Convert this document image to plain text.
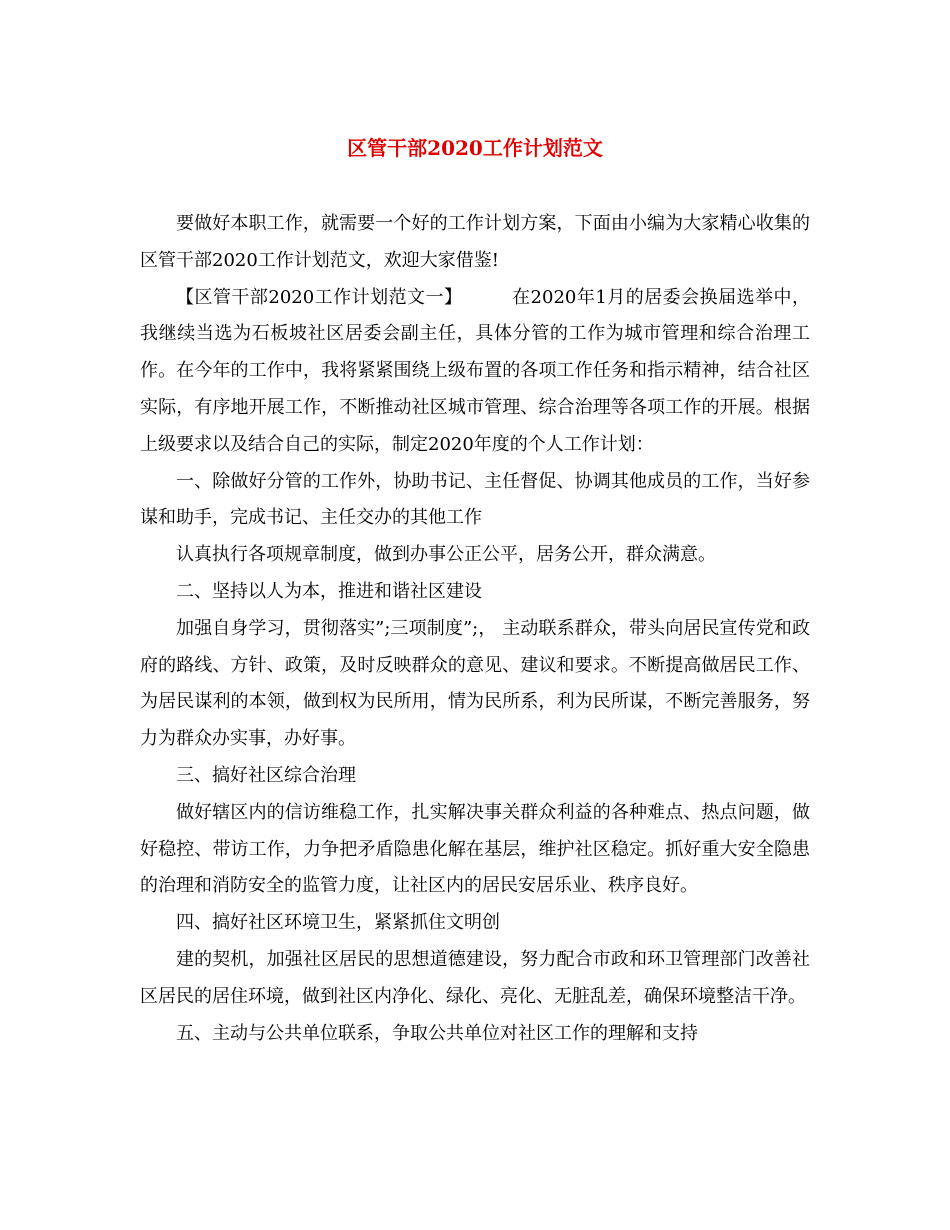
区管干部2020工作计划范文

要做好本职工作，就需要一个好的工作计划方案，下面由小编为大家精心收集的区管干部2020工作计划范文，欢迎大家借鉴!

【区管干部2020工作计划范文一】	在2020年1月的居委会换届选举中，我继续当选为石板坡社区居委会副主任，具体分管的工作为城市管理和综合治理工作。在今年的工作中，我将紧紧围绕上级布置的各项工作任务和指示精神，结合社区实际，有序地开展工作，不断推动社区城市管理、综合治理等各项工作的开展。根据上级要求以及结合自己的实际，制定2020年度的个人工作计划：

一、除做好分管的工作外，协助书记、主任督促、协调其他成员的工作，当好参谋和助手，完成书记、主任交办的其他工作

认真执行各项规章制度，做到办事公正公平，居务公开，群众满意。

二、坚持以人为本，推进和谐社区建设

加强自身学习，贯彻落实”;三项制度”;， 主动联系群众，带头向居民宣传党和政府的路线、方针、政策，及时反映群众的意见、建议和要求。不断提高做居民工作、为居民谋利的本领，做到权为民所用，情为民所系，利为民所谋，不断完善服务，努力为群众办实事，办好事。

三、搞好社区综合治理

做好辖区内的信访维稳工作，扎实解决事关群众利益的各种难点、热点问题，做好稳控、带访工作，力争把矛盾隐患化解在基层，维护社区稳定。抓好重大安全隐患的治理和消防安全的监管力度，让社区内的居民安居乐业、秩序良好。

四、搞好社区环境卫生，紧紧抓住文明创

建的契机，加强社区居民的思想道德建设，努力配合市政和环卫管理部门改善社区居民的居住环境，做到社区内净化、绿化、亮化、无脏乱差，确保环境整洁干净。

五、主动与公共单位联系，争取公共单位对社区工作的理解和支持
